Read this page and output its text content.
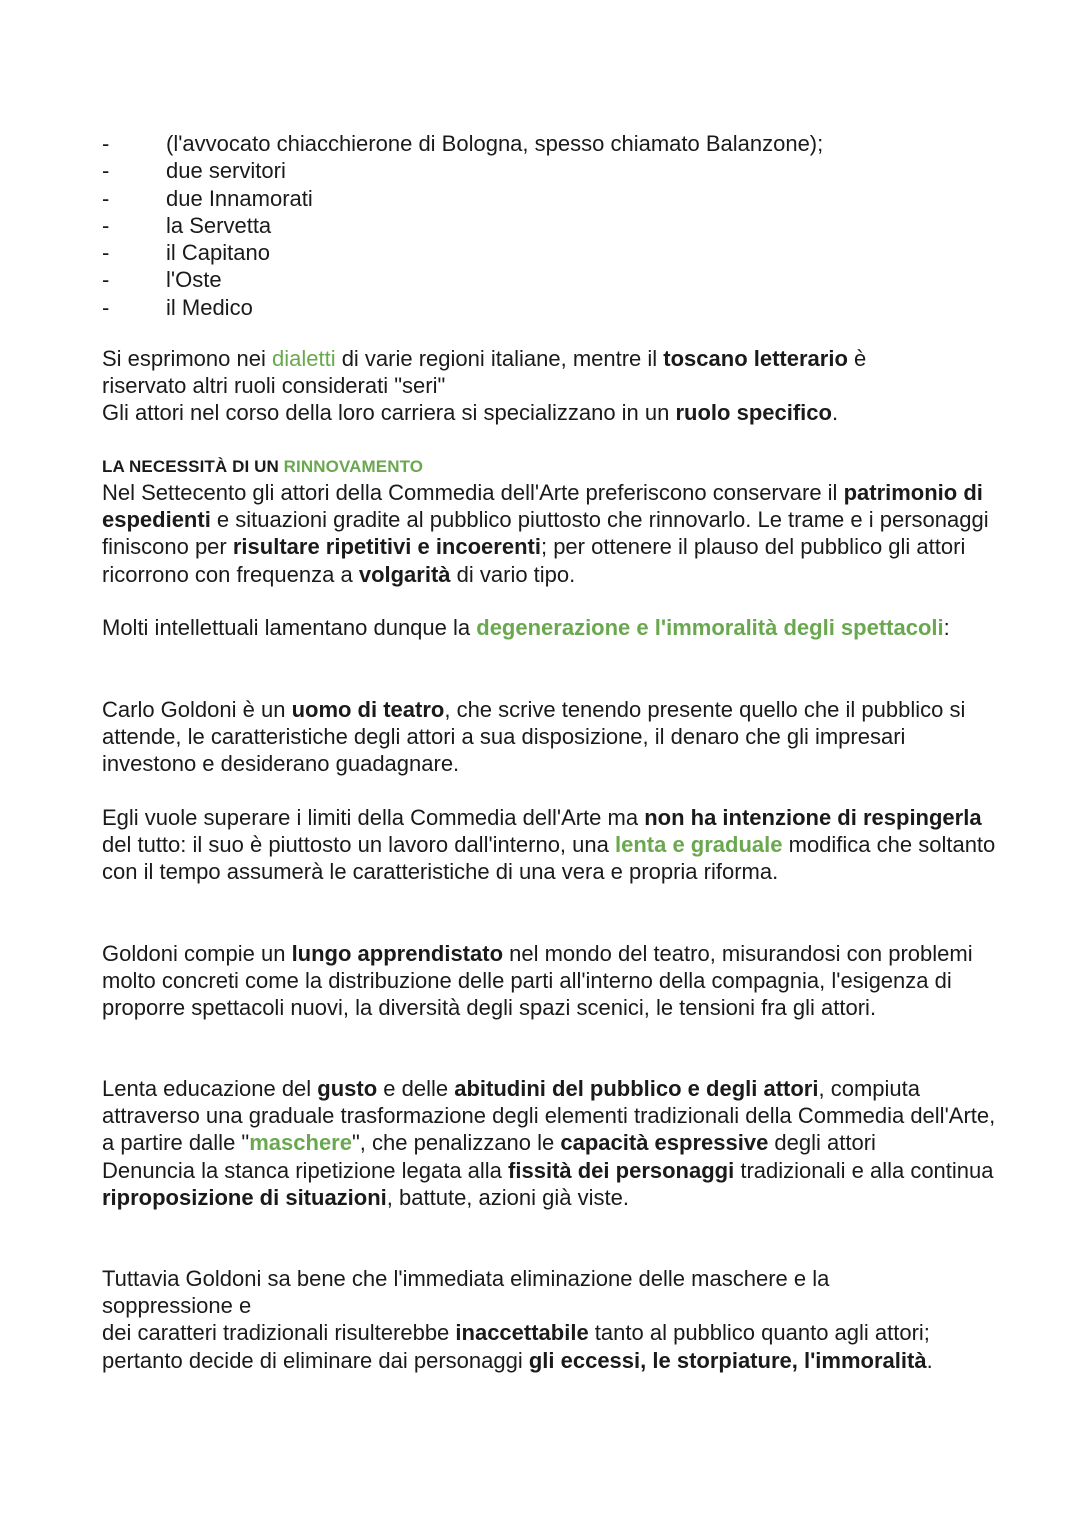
-	(l'avvocato chiacchierone di Bologna, spesso chiamato Balanzone);
-	due servitori
-	due Innamorati
-	la Servetta
-	il Capitano
-	l'Oste
-	il Medico

Si esprimono nei dialetti di varie regioni italiane, mentre il toscano letterario è
riservato altri ruoli considerati "seri"
Gli attori nel corso della loro carriera si specializzano in un ruolo specifico.

LA NECESSITÀ DI UN RINNOVAMENTO

Nel Settecento gli attori della Commedia dell'Arte preferiscono conservare il patrimonio di espedienti e situazioni gradite al pubblico piuttosto che rinnovarlo. Le trame e i personaggi finiscono per risultare ripetitivi e incoerenti; per ottenere il plauso del pubblico gli attori ricorrono con frequenza a volgarità di vario tipo.

Molti intellettuali lamentano dunque la degenerazione e l'immoralità degli spettacoli:

Carlo Goldoni è un uomo di teatro, che scrive tenendo presente quello che il pubblico si attende, le caratteristiche degli attori a sua disposizione, il denaro che gli impresari investono e desiderano guadagnare.

Egli vuole superare i limiti della Commedia dell'Arte ma non ha intenzione di respingerla del tutto: il suo è piuttosto un lavoro dall'interno, una lenta e graduale modifica che soltanto con il tempo assumerà le caratteristiche di una vera e propria riforma.

Goldoni compie un lungo apprendistato nel mondo del teatro, misurandosi con problemi molto concreti come la distribuzione delle parti all'interno della compagnia, l'esigenza di proporre spettacoli nuovi, la diversità degli spazi scenici, le tensioni fra gli attori.

Lenta educazione del gusto e delle abitudini del pubblico e degli attori, compiuta attraverso una graduale trasformazione degli elementi tradizionali della Commedia dell'Arte, a partire dalle "maschere", che penalizzano le capacità espressive degli attori
Denuncia la stanca ripetizione legata alla fissità dei personaggi tradizionali e alla continua riproposizione di situazioni, battute, azioni già viste.

Tuttavia Goldoni sa bene che l'immediata eliminazione delle maschere e la
soppressione e
dei caratteri tradizionali risulterebbe inaccettabile tanto al pubblico quanto agli attori; pertanto decide di eliminare dai personaggi gli eccessi, le storpiature, l'immoralità.
